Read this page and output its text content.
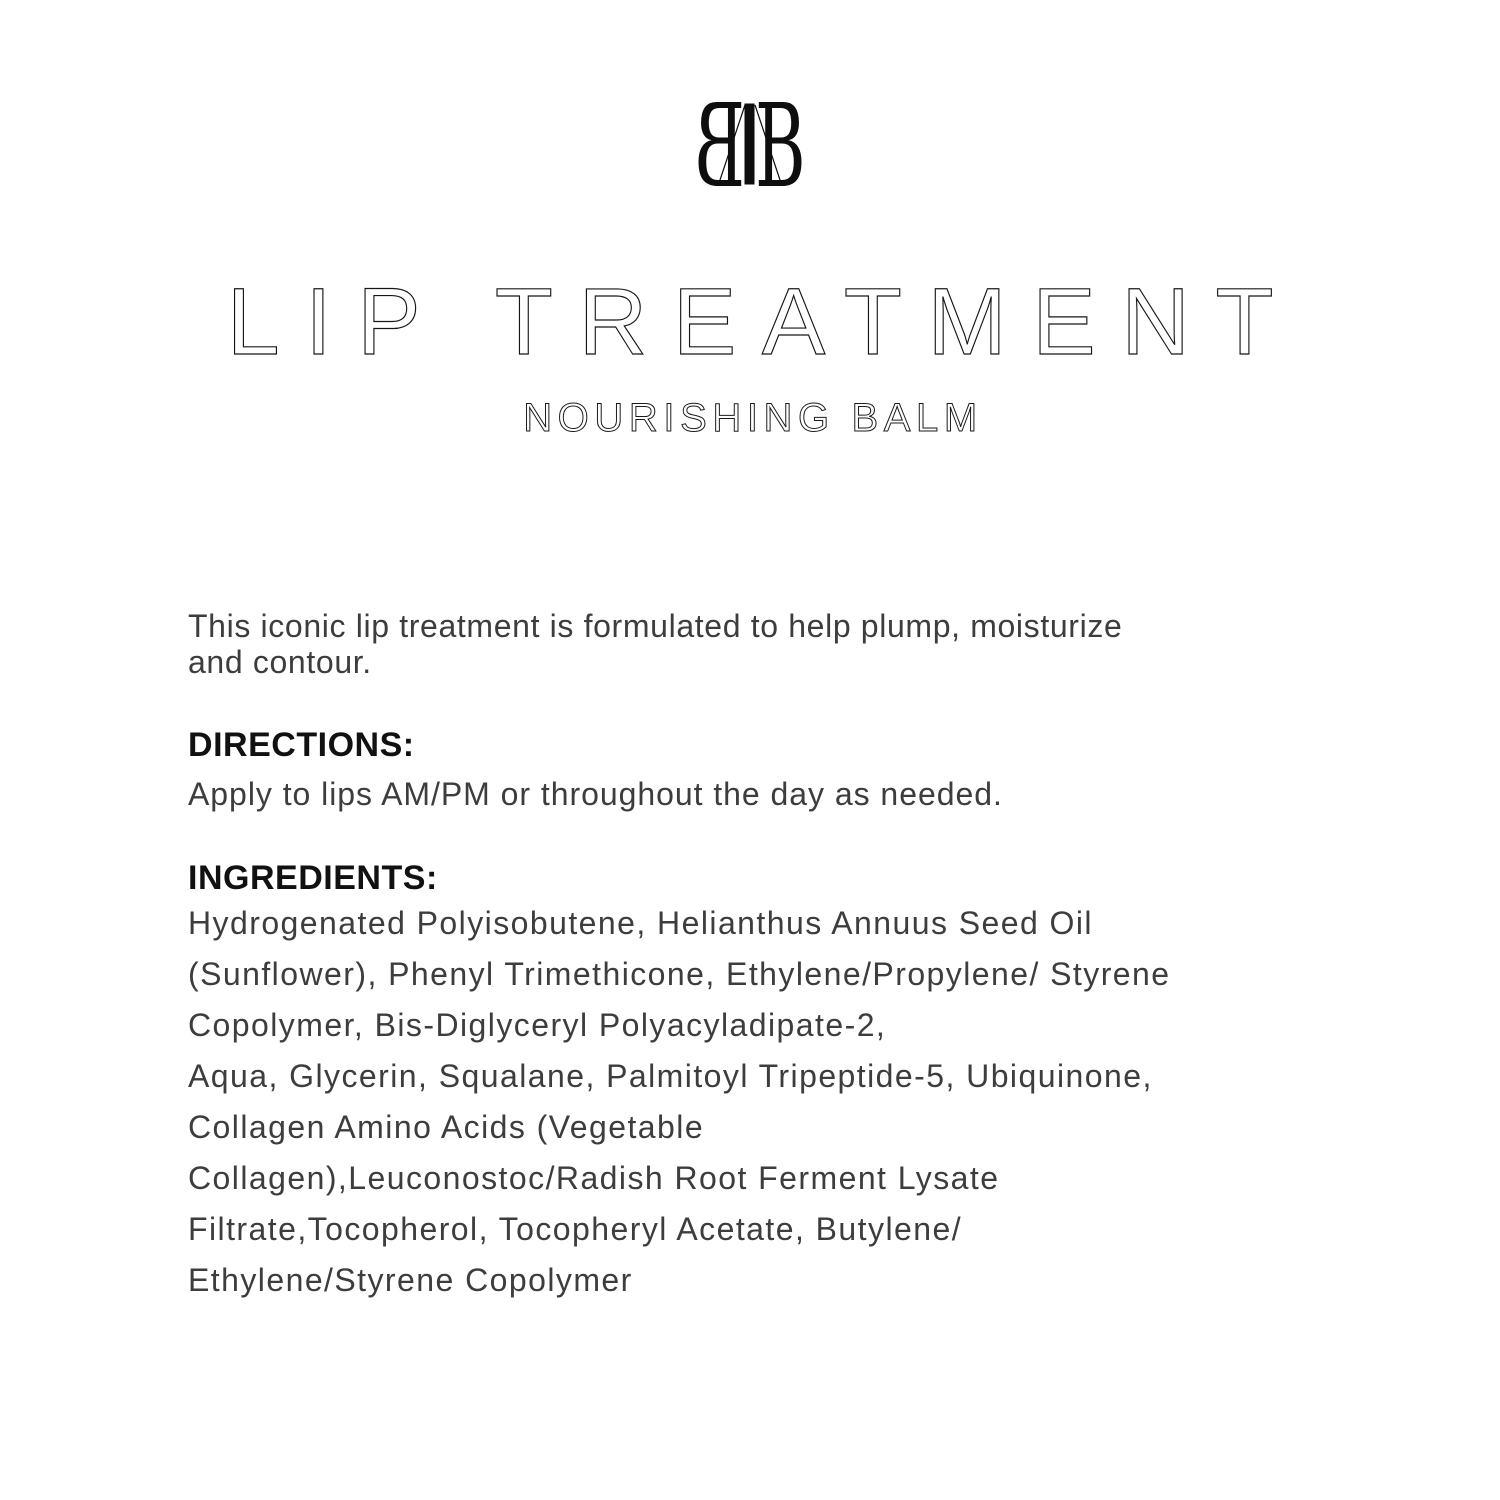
B B
LIP TREATMENT
NOURISHING BALM

This iconic lip treatment is formulated to help plump, moisturize
and contour.

DIRECTIONS:

Apply to lips AM/PM or throughout the day as needed.

INGREDIENTS:
Hydrogenated Polyisobutene, Helianthus Annuus Seed Oil
(Sunflower), Phenyl Trimethicone, Ethylene/Propylene/ Styrene
Copolymer, Bis-Diglyceryl Polyacyladipate-2,
Aqua, Glycerin, Squalane, Palmitoyl Tripeptide-5, Ubiquinone,
Collagen Amino Acids (Vegetable
Collagen),Leuconostoc/Radish Root Ferment Lysate
Filtrate,Tocopherol, Tocopheryl Acetate, Butylene/
Ethylene/Styrene Copolymer
